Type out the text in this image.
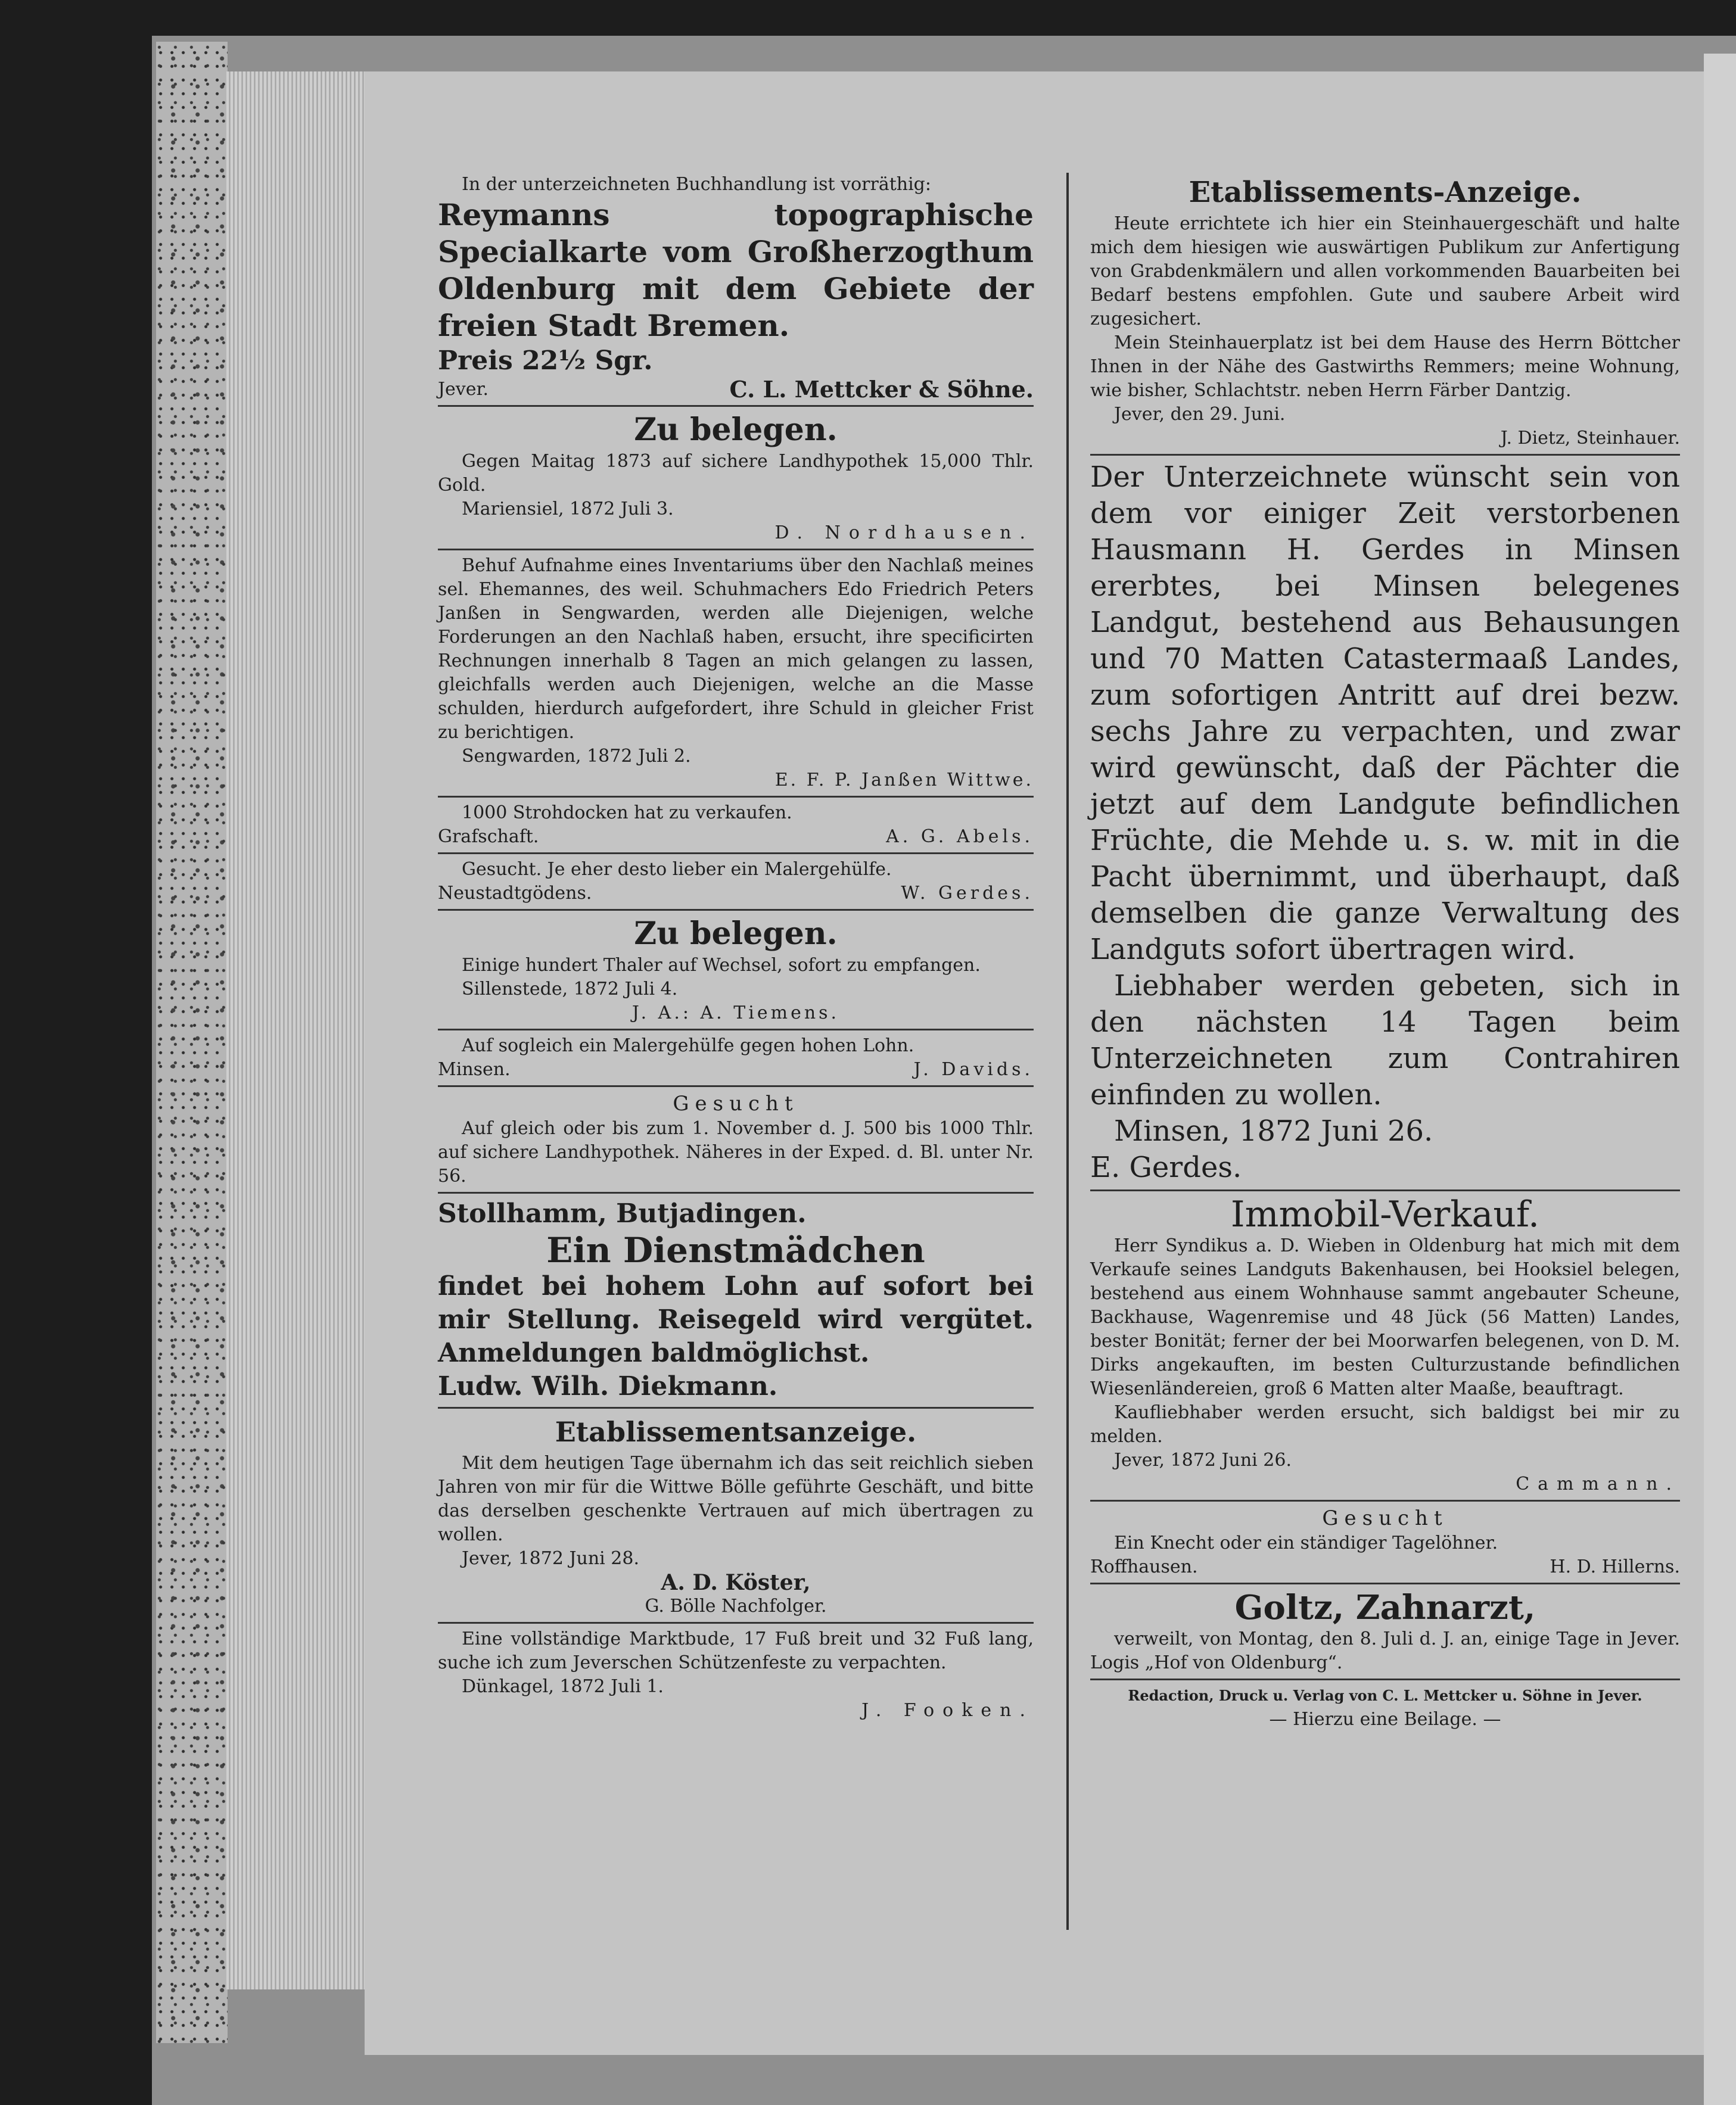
In der unterzeichneten Buchhandlung ist vorräthig:
Reymanns topographische Specialkarte vom Großherzogthum Oldenburg mit dem Gebiete der freien Stadt Bremen.
Preis 22½ Sgr.
Jever.	C. L. Mettcker & Söhne.
Zu belegen.
Gegen Maitag 1873 auf sichere Landhypothek 15,000 Thlr. Gold.
Mariensiel, 1872 Juli 3.
D. Nordhausen.
Behuf Aufnahme eines Inventariums über den Nachlaß meines sel. Ehemannes, des weil. Schuhmachers Edo Friedrich Peters Janßen in Sengwarden, werden alle Diejenigen, welche Forderungen an den Nachlaß haben, ersucht, ihre specificirten Rechnungen innerhalb 8 Tagen an mich gelangen zu lassen, gleichfalls werden auch Diejenigen, welche an die Masse schulden, hierdurch aufgefordert, ihre Schuld in gleicher Frist zu berichtigen.
Sengwarden, 1872 Juli 2.
E. F. P. Janßen Wittwe.
1000 Strohdocken hat zu verkaufen.
Grafschaft.	A. G. Abels.
Gesucht. Je eher desto lieber ein Malergehülfe.
Neustadtgödens.	W. Gerdes.
Zu belegen.
Einige hundert Thaler auf Wechsel, sofort zu empfangen.
Sillenstede, 1872 Juli 4.
J. A.: A. Tiemens.
Auf sogleich ein Malergehülfe gegen hohen Lohn.
Minsen.	J. Davids.
Gesucht
Auf gleich oder bis zum 1. November d. J. 500 bis 1000 Thlr. auf sichere Landhypothek. Näheres in der Exped. d. Bl. unter Nr. 56.
Stollhamm, Butjadingen.
Ein Dienstmädchen
findet bei hohem Lohn auf sofort bei mir Stellung. Reisegeld wird vergütet. Anmeldungen baldmöglichst.
Ludw. Wilh. Diekmann.
Etablissementsanzeige.
Mit dem heutigen Tage übernahm ich das seit reichlich sieben Jahren von mir für die Wittwe Bölle geführte Geschäft, und bitte das derselben geschenkte Vertrauen auf mich übertragen zu wollen.
Jever, 1872 Juni 28.
A. D. Köster,
G. Bölle Nachfolger.
Eine vollständige Marktbude, 17 Fuß breit und 32 Fuß lang, suche ich zum Jeverschen Schützenfeste zu verpachten.
Dünkagel, 1872 Juli 1.
J. Fooken.
Etablissements-Anzeige.
Heute errichtete ich hier ein Steinhauergeschäft und halte mich dem hiesigen wie auswärtigen Publikum zur Anfertigung von Grabdenkmälern und allen vorkommenden Bauarbeiten bei Bedarf bestens empfohlen. Gute und saubere Arbeit wird zugesichert.
Mein Steinhauerplatz ist bei dem Hause des Herrn Böttcher Ihnen in der Nähe des Gastwirths Remmers; meine Wohnung, wie bisher, Schlachtstr. neben Herrn Färber Dantzig.
Jever, den 29. Juni.
J. Dietz, Steinhauer.
Der Unterzeichnete wünscht sein von dem vor einiger Zeit verstorbenen Hausmann H. Gerdes in Minsen ererbtes, bei Minsen belegenes Landgut, bestehend aus Behausungen und 70 Matten Catastermaaß Landes, zum sofortigen Antritt auf drei bezw. sechs Jahre zu verpachten, und zwar wird gewünscht, daß der Pächter die jetzt auf dem Landgute befindlichen Früchte, die Mehde u. s. w. mit in die Pacht übernimmt, und überhaupt, daß demselben die ganze Verwaltung des Landguts sofort übertragen wird.
Liebhaber werden gebeten, sich in den nächsten 14 Tagen beim Unterzeichneten zum Contrahiren einfinden zu wollen.
Minsen, 1872 Juni 26.
E. Gerdes.
Immobil-Verkauf.
Herr Syndikus a. D. Wieben in Oldenburg hat mich mit dem Verkaufe seines Landguts Bakenhausen, bei Hooksiel belegen, bestehend aus einem Wohnhause sammt angebauter Scheune, Backhause, Wagenremise und 48 Jück (56 Matten) Landes, bester Bonität; ferner der bei Moorwarfen belegenen, von D. M. Dirks angekauften, im besten Culturzustande befindlichen Wiesenländereien, groß 6 Matten alter Maaße, beauftragt.
Kaufliebhaber werden ersucht, sich baldigst bei mir zu melden.
Jever, 1872 Juni 26.
Cammann.
Gesucht
Ein Knecht oder ein ständiger Tagelöhner.
Roffhausen.	H. D. Hillerns.
Goltz, Zahnarzt,
verweilt, von Montag, den 8. Juli d. J. an, einige Tage in Jever. Logis „Hof von Oldenburg“.
Redaction, Druck u. Verlag von C. L. Mettcker u. Söhne in Jever.
— Hierzu eine Beilage. —
